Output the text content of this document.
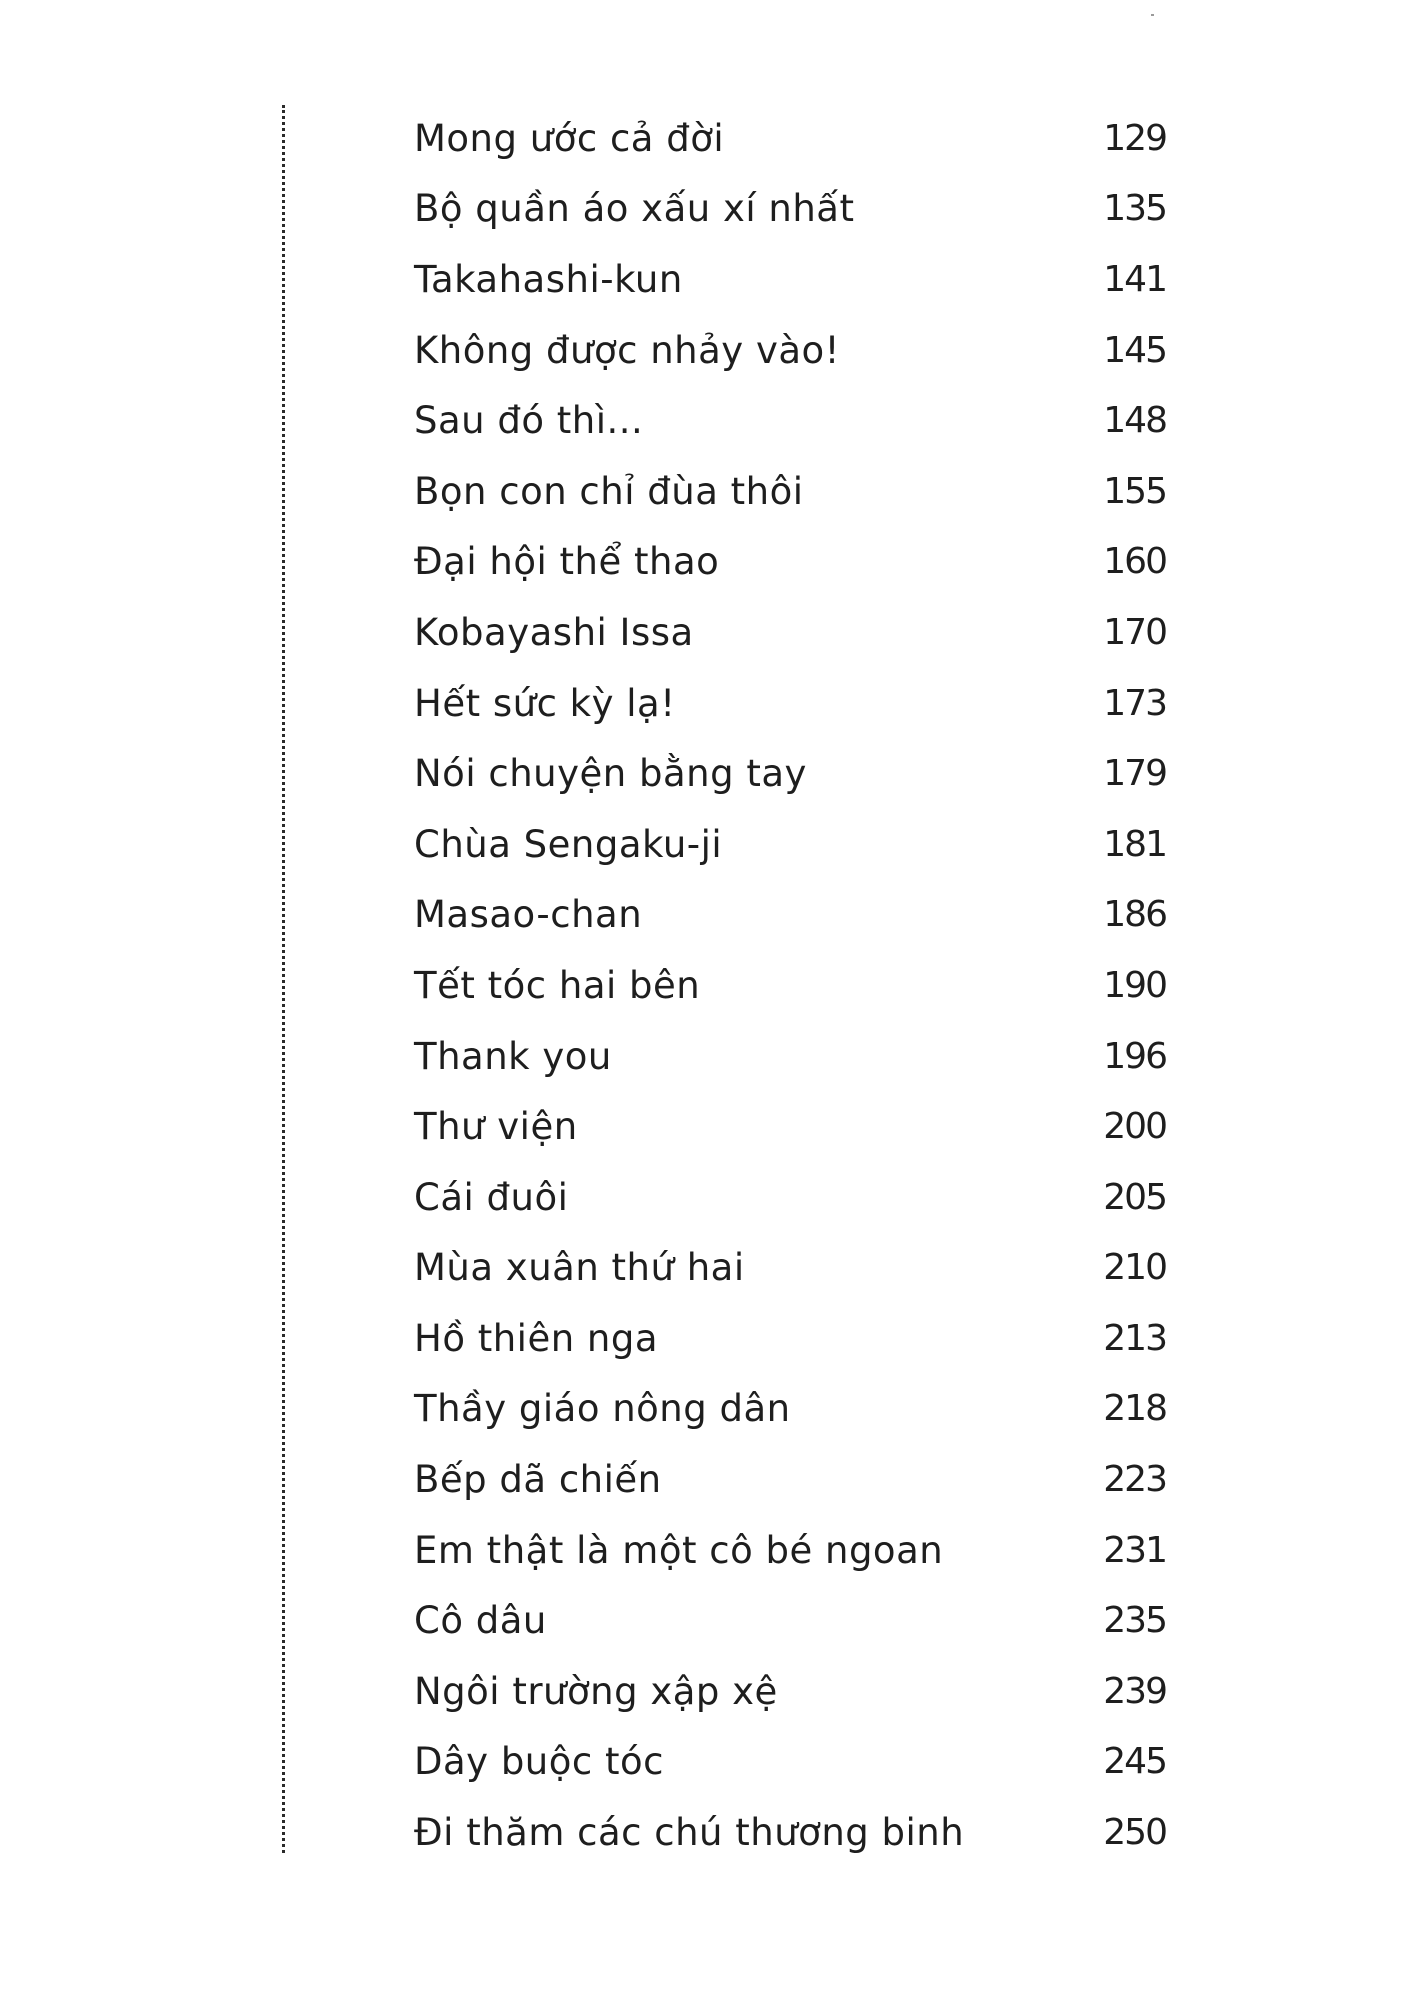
Mong ước cả đời	129
Bộ quần áo xấu xí nhất	135
Takahashi-kun	141
Không được nhảy vào!	145
Sau đó thì...	148
Bọn con chỉ đùa thôi	155
Đại hội thể thao	160
Kobayashi Issa	170
Hết sức kỳ lạ!	173
Nói chuyện bằng tay	179
Chùa Sengaku-ji	181
Masao-chan	186
Tết tóc hai bên	190
Thank you	196
Thư viện	200
Cái đuôi	205
Mùa xuân thứ hai	210
Hồ thiên nga	213
Thầy giáo nông dân	218
Bếp dã chiến	223
Em thật là một cô bé ngoan	231
Cô dâu	235
Ngôi trường xập xệ	239
Dây buộc tóc	245
Đi thăm các chú thương binh	250
